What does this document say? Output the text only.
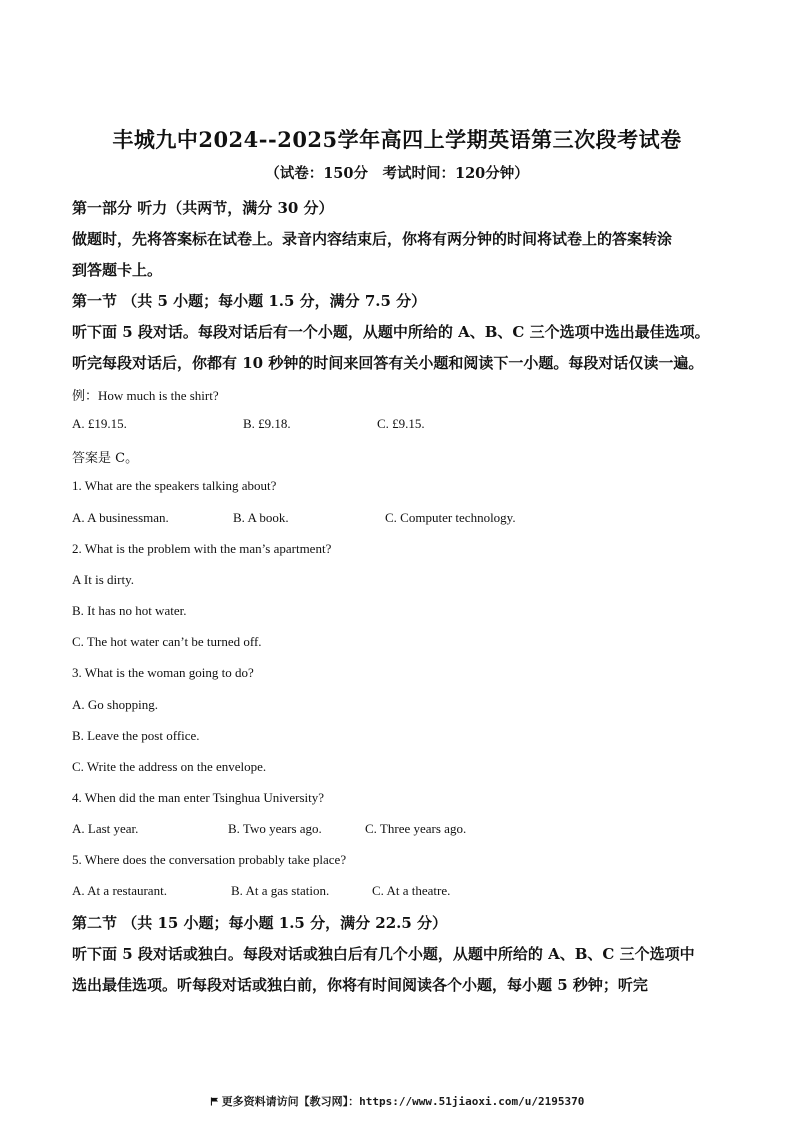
丰城九中2024--2025学年高四上学期英语第三次段考试卷
（试卷：150分　考试时间：120分钟）
第一部分 听力（共两节，满分 30 分）
做题时，先将答案标在试卷上。录音内容结束后，你将有两分钟的时间将试卷上的答案转涂
到答题卡上。
第一节 （共 5 小题；每小题 1.5 分，满分 7.5 分）
听下面 5 段对话。每段对话后有一个小题，从题中所给的 A、B、C 三个选项中选出最佳选项。
听完每段对话后，你都有 10 秒钟的时间来回答有关小题和阅读下一小题。每段对话仅读一遍。
例：How much is the shirt?
A. £19.15.	B. £9.18.	C. £9.15.
答案是 C。
1. What are the speakers talking about?
A. A businessman.	B. A book.	C. Computer technology.
2. What is the problem with the man’s apartment?
A It is dirty.
B. It has no hot water.
C. The hot water can’t be turned off.
3. What is the woman going to do?
A. Go shopping.
B. Leave the post office.
C. Write the address on the envelope.
4. When did the man enter Tsinghua University?
A. Last year.	B. Two years ago.	C. Three years ago.
5. Where does the conversation probably take place?
A. At a restaurant.	B. At a gas station.	C. At a theatre.
第二节 （共 15 小题；每小题 1.5 分，满分 22.5 分）
听下面 5 段对话或独白。每段对话或独白后有几个小题，从题中所给的 A、B、C 三个选项中
选出最佳选项。听每段对话或独白前，你将有时间阅读各个小题，每小题 5 秒钟；听完
更多资料请访问【教习网】：https://www.51jiaoxi.com/u/2195370
